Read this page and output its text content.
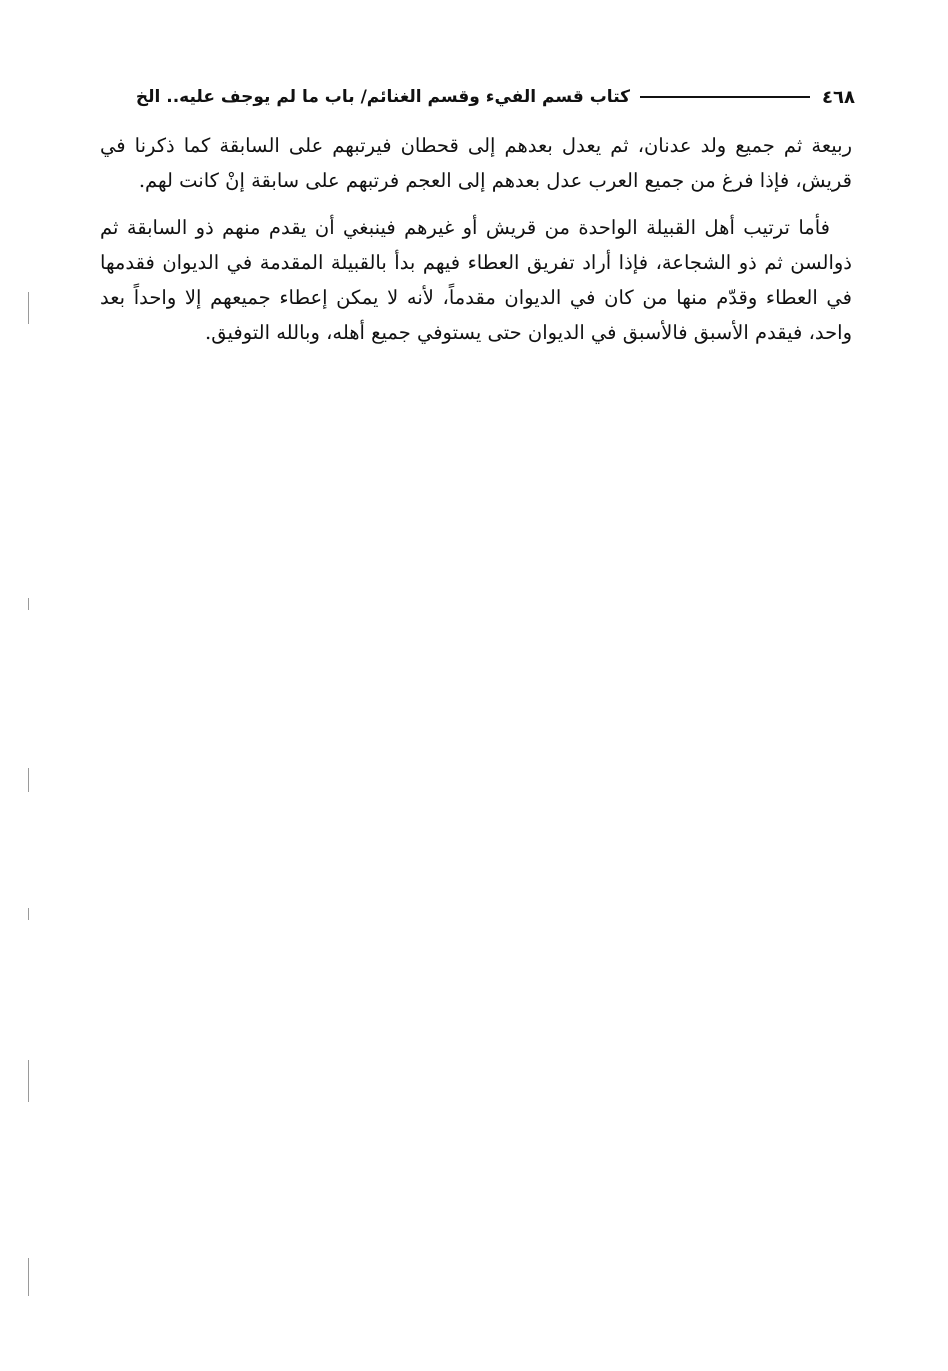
٤٦٨
كتاب قسم الفيء وقسم الغنائم/ باب ما لم يوجف عليه.. الخ

ربيعة ثم جميع ولد عدنان، ثم يعدل بعدهم إلى قحطان فيرتبهم على السابقة كما ذكرنا في قريش، فإذا فرغ من جميع العرب عدل بعدهم إلى العجم فرتبهم على سابقة إنْ كانت لهم.

فأما ترتيب أهل القبيلة الواحدة من قريش أو غيرهم فينبغي أن يقدم منهم ذو السابقة ثم ذوالسن ثم ذو الشجاعة، فإذا أراد تفريق العطاء فيهم بدأ بالقبيلة المقدمة في الديوان فقدمها في العطاء وقدّم منها من كان في الديوان مقدماً، لأنه لا يمكن إعطاء جميعهم إلا واحداً بعد واحد، فيقدم الأسبق فالأسبق في الديوان حتى يستوفي جميع أهله، وبالله التوفيق.
